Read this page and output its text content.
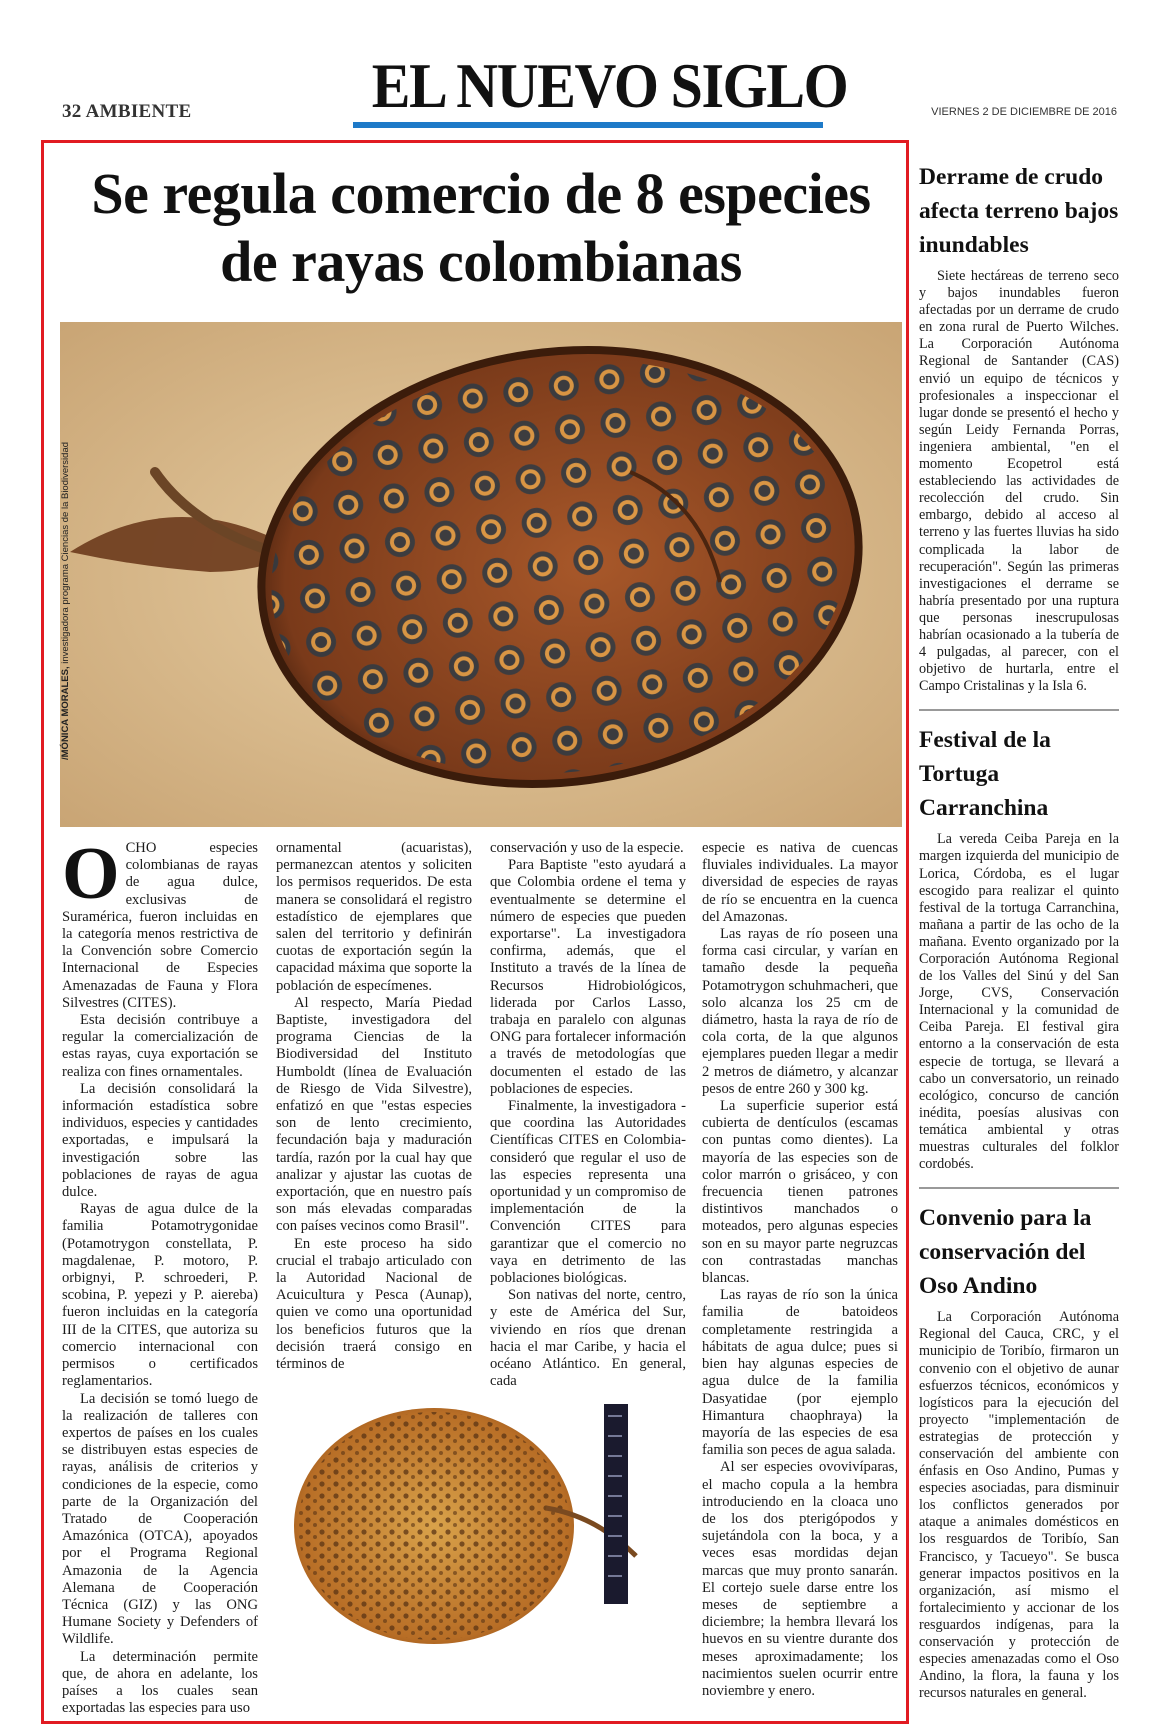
32 AMBIENTE	EL NUEVO SIGLO	VIERNES 2 DE DICIEMBRE DE 2016
Se regula comercio de 8 especies de rayas colombianas
/MÓNICA MORALES, investigadora programa Ciencias de la Biodiversidad

OCHO especies colombianas de rayas de agua dulce, exclusivas de Suramérica, fueron incluidas en la categoría menos restrictiva de la Convención sobre Comercio Internacional de Especies Amenazadas de Fauna y Flora Silvestres (CITES).

Esta decisión contribuye a regular la comercialización de estas rayas, cuya exportación se realiza con fines ornamentales.

La decisión consolidará la información estadística sobre individuos, especies y cantidades exportadas, e impulsará la investigación sobre las poblaciones de rayas de agua dulce.

Rayas de agua dulce de la familia Potamotrygonidae (Potamotrygon constellata, P. magdalenae, P. motoro, P. orbignyi, P. schroederi, P. scobina, P. yepezi y P. aiereba) fueron incluidas en la categoría III de la CITES, que autoriza su comercio internacional con permisos o certificados reglamentarios.

La decisión se tomó luego de la realización de talleres con expertos de países en los cuales se distribuyen estas especies de rayas, análisis de criterios y condiciones de la especie, como parte de la Organización del Tratado de Cooperación Amazónica (OTCA), apoyados por el Programa Regional Amazonia de la Agencia Alemana de Cooperación Técnica (GIZ) y las ONG Humane Society y Defenders of Wildlife.

La determinación permite que, de ahora en adelante, los países a los cuales sean exportadas las especies para uso

ornamental (acuaristas), permanezcan atentos y soliciten los permisos requeridos. De esta manera se consolidará el registro estadístico de ejemplares que salen del territorio y definirán cuotas de exportación según la capacidad máxima que soporte la población de especímenes.

Al respecto, María Piedad Baptiste, investigadora del programa Ciencias de la Biodiversidad del Instituto Humboldt (línea de Evaluación de Riesgo de Vida Silvestre), enfatizó en que "estas especies son de lento crecimiento, fecundación baja y maduración tardía, razón por la cual hay que analizar y ajustar las cuotas de exportación, que en nuestro país son más elevadas comparadas con países vecinos como Brasil".

En este proceso ha sido crucial el trabajo articulado con la Autoridad Nacional de Acuicultura y Pesca (Aunap), quien ve como una oportunidad los beneficios futuros que la decisión traerá consigo en términos de

conservación y uso de la especie.

Para Baptiste "esto ayudará a que Colombia ordene el tema y eventualmente se determine el número de especies que pueden exportarse". La investigadora confirma, además, que el Instituto a través de la línea de Recursos Hidrobiológicos, liderada por Carlos Lasso, trabaja en paralelo con algunas ONG para fortalecer información a través de metodologías que documenten el estado de las poblaciones de especies.

Finalmente, la investigadora -que coordina las Autoridades Científicas CITES en Colombia- consideró que regular el uso de las especies representa una oportunidad y un compromiso de implementación de la Convención CITES para garantizar que el comercio no vaya en detrimento de las poblaciones biológicas.

Son nativas del norte, centro, y este de América del Sur, viviendo en ríos que drenan hacia el mar Caribe, y hacia el océano Atlántico. En general, cada

especie es nativa de cuencas fluviales individuales. La mayor diversidad de especies de rayas de río se encuentra en la cuenca del Amazonas.

Las rayas de río poseen una forma casi circular, y varían en tamaño desde la pequeña Potamotrygon schuhmacheri, que solo alcanza los 25 cm de diámetro, hasta la raya de río de cola corta, de la que algunos ejemplares pueden llegar a medir 2 metros de diámetro, y alcanzar pesos de entre 260 y 300 kg.

La superficie superior está cubierta de dentículos (escamas con puntas como dientes). La mayoría de las especies son de color marrón o grisáceo, y con frecuencia tienen patrones distintivos manchados o moteados, pero algunas especies son en su mayor parte negruzcas con contrastadas manchas blancas.

Las rayas de río son la única familia de batoideos completamente restringida a hábitats de agua dulce; pues si bien hay algunas especies de agua dulce de la familia Dasyatidae (por ejemplo Himantura chaophraya) la mayoría de las especies de esa familia son peces de agua salada.

Al ser especies ovovivíparas, el macho copula a la hembra introduciendo en la cloaca uno de los dos pterigópodos y sujetándola con la boca, y a veces esas mordidas dejan marcas que muy pronto sanarán. El cortejo suele darse entre los meses de septiembre a diciembre; la hembra llevará los huevos en su vientre durante dos meses aproximadamente; los nacimientos suelen ocurrir entre noviembre y enero.

Derrame de crudo afecta terreno bajos inundables

Siete hectáreas de terreno seco y bajos inundables fueron afectadas por un derrame de crudo en zona rural de Puerto Wilches. La Corporación Autónoma Regional de Santander (CAS) envió un equipo de técnicos y profesionales a inspeccionar el lugar donde se presentó el hecho y según Leidy Fernanda Porras, ingeniera ambiental, "en el momento Ecopetrol está estableciendo las actividades de recolección del crudo. Sin embargo, debido al acceso al terreno y las fuertes lluvias ha sido complicada la labor de recuperación". Según las primeras investigaciones el derrame se habría presentado por una ruptura que personas inescrupulosas habrían ocasionado a la tubería de 4 pulgadas, al parecer, con el objetivo de hurtarla, entre el Campo Cristalinas y la Isla 6.

Festival de la Tortuga Carranchina

La vereda Ceiba Pareja en la margen izquierda del municipio de Lorica, Córdoba, es el lugar escogido para realizar el quinto festival de la tortuga Carranchina, mañana a partir de las ocho de la mañana. Evento organizado por la Corporación Autónoma Regional de los Valles del Sinú y del San Jorge, CVS, Conservación Internacional y la comunidad de Ceiba Pareja. El festival gira entorno a la conservación de esta especie de tortuga, se llevará a cabo un conversatorio, un reinado ecológico, concurso de canción inédita, poesías alusivas con temática ambiental y otras muestras culturales del folklor cordobés.

Convenio para la conservación del Oso Andino

La Corporación Autónoma Regional del Cauca, CRC, y el municipio de Toribío, firmaron un convenio con el objetivo de aunar esfuerzos técnicos, económicos y logísticos para la ejecución del proyecto "implementación de estrategias de protección y conservación del ambiente con énfasis en Oso Andino, Pumas y especies asociadas, para disminuir los conflictos generados por ataque a animales domésticos en los resguardos de Toribío, San Francisco, y Tacueyo". Se busca generar impactos positivos en la organización, así mismo el fortalecimiento y accionar de los resguardos indígenas, para la conservación y protección de especies amenazadas como el Oso Andino, la flora, la fauna y los recursos naturales en general.
